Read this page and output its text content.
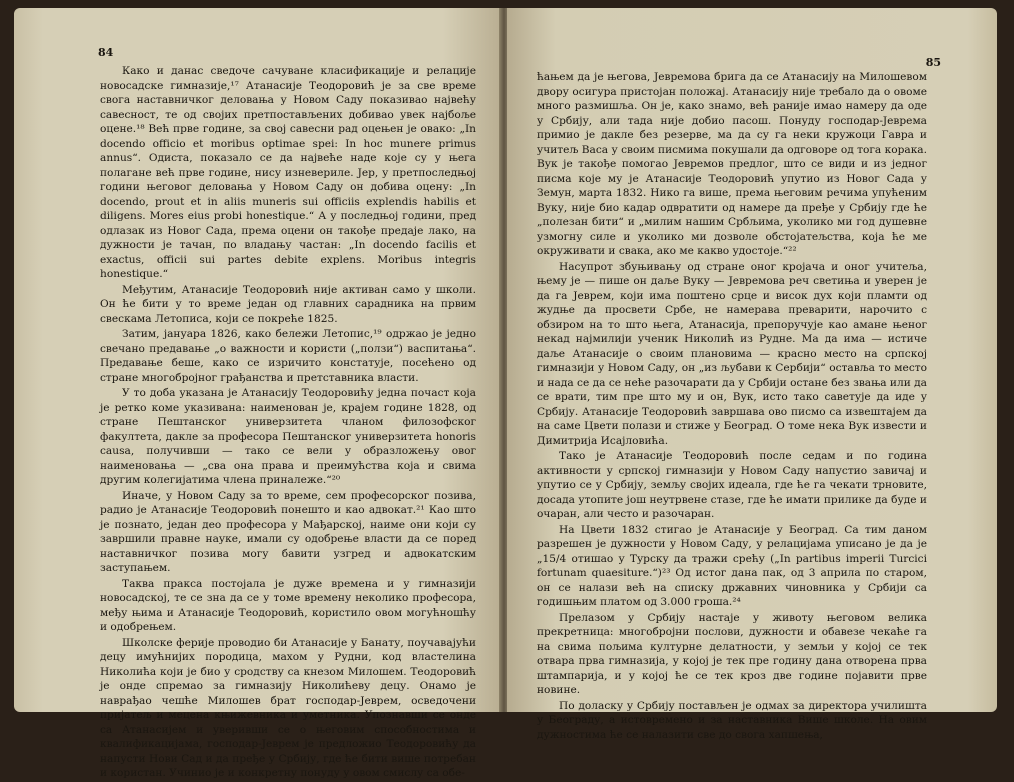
84

Како и данас сведоче сачуване класификације и релације новосадске гимназије,¹⁷ Атанасије Теодоровић је за све време свога наставничког деловања у Новом Саду показивао највећу савесност, те од својих претпостављених добивао увек најбоље оцене.¹⁸ Већ прве године, за свој савесни рад оцењен је овако: „In docendo officio et moribus optimae spei: In hoc munere primus annus“. Одиста, показало се да највеће наде које су у њега полагане већ прве године, нису изневериле. Јер, у претпоследњој години његовог деловања у Новом Саду он добива оцену: „In docendo, prout et in aliis muneris sui officiis explendis habilis et diligens. Mores eius probi honestique.“ А у последњој години, пред одлазак из Новог Сада, према оцени он такође предаје лако, на дужности је тачан, по владању частан: „In docendo facilis et exactus, officii sui partes debite explens. Moribus integris honestique.“

Међутим, Атанасије Теодоровић није активан само у школи. Он ће бити у то време један од главних сарадника на првим свескама Летописа, који се покреће 1825.

Затим, јануара 1826, како бележи Летопис,¹⁹ одржао је једно свечано предавање „о важности и користи („ползи“) васпитања“. Предавање беше, како се изричито констатује, посећено од стране многобројног грађанства и претставника власти.

У то доба указана је Атанасију Теодоровићу једна почаст која је ретко коме указивана: наименован је, крајем године 1828, од стране Пештанског универзитета чланом филозофског факултета, дакле за професора Пештанског универзитета honoris causa, получивши — тако се вели у образложењу овог наименовања — „сва она права и преимућства која и свима другим колегијатима члена приналежe.“²⁰

Иначе, у Новом Саду за то време, сем професорског позива, радио је Атанасије Теодоровић понешто и као адвокат.²¹ Као што је познато, један део професора у Мађарској, наиме они који су завршили правне науке, имали су одобрење власти да се поред наставничког позива могу бавити узгред и адвокатским заступањем.

Таква пракса постојала је дуже времена и у гимназији новосадској, те се зна да се у томе времену неколико професора, међу њима и Атанасије Теодоровић, користило овом могућношћу и одобрењем.

Школске ферије проводио би Атанасије у Банату, поучавајући децу имућнијих породица, махом у Рудни, код властелина Николића који је био у сродству са кнезом Милошем. Теодоровић је онде спремао за гимназију Николићеву децу. Онамо је наврађао чешће Милошев брат господар-Јеврем, осведочени пријатељ и мецена књижевника и уметника. Упознавши се онде са Атанасијем и уверивши се о његовим способностима и квалификацијама, господар-Јеврем је предложио Теодоровићу да напусти Нови Сад и да пређе у Србију, где ће бити више потребан и користан. Учинио је и конкретну понуду у овом смислу са обе-

85

ћањем да је његова, Јевремова брига да се Атанасију на Милошевом двору осигура пристојан положај. Атанасију није требало да о овоме много размишља. Он је, како знамо, већ раније имао намеру да оде у Србију, али тада није добио пасош. Понуду господар-Јеврема примио је дакле без резерве, ма да су га неки кружоци Гавра и учитељ Васа у своим писмима покушали да одговоре од тога корака. Вук је такође помогао Јевремов предлог, што се види и из једног писма које му је Атанасије Теодоровић упутио из Новог Сада у Земун, марта 1832. Нико га више, према његовим речима упућеним Вуку, није био кадар одвратити од намере да пређе у Србију где ће „полезан бити“ и „милим нашим Србљима, уколико ми год душевне узмогну силе и уколико ми дозволе обстојатељства, која ће ме окруживати и свака, ако ме какво удостоје.“²²

Насупрот збуњивању од стране оног кројача и оног учитеља, њему је — пише он даље Вуку — Јевремова реч светиња и уверен је да га Јеврем, који има поштено срце и висок дух који пламти од жудње да просвети Србе, не намерава преварити, нарочито с обзиром на то што њега, Атанасија, препоручује као амане њеног некад најмилији ученик Николић из Рудне. Ма да има — истиче даље Атанасије о своим плановима — красно место на српској гимназији у Новом Саду, он „из љубави к Сербији“ оставља то место и нада се да се неће разочарати да у Србији остане без звања или да се врати, тим пре што му и он, Вук, исто тако саветује да иде у Србију. Атанасије Теодоровић завршава ово писмо са извештајем да на саме Цвети полази и стиже у Београд. О томе нека Вук извести и Димитрија Исајловића.

Тако је Атанасије Теодоровић после седам и по година активности у српској гимназији у Новом Саду напустио завичај и упутио се у Србију, земљу својих идеала, где ће га чекати трновите, досада утопите још неутрвене стазе, где ће имати прилике да буде и очаран, али често и разочаран.

На Цвети 1832 стигао је Атанасије у Београд. Са тим даном разрешен је дужности у Новом Саду, у релацијама уписано је да је „15/4 отишао у Турску да тражи срећу („In partibus imperii Turcici fortunam quaesiture.“)²³ Од истог дана пак, од 3 априла по старом, он се налази већ на списку државних чиновника у Србији са годишњим платом од 3.000 гроша.²⁴

Прелазом у Србију настаје у животу његовом велика прекретница: многобројни послови, дужности и обавезе чекаће га на свима пољима културне делатности, у земљи у којој се тек отвара прва гимназија, у којој је тек пре годину дана отворена прва штампарија, и у којој ће се тек кроз две године појавити прве новине.

По доласку у Србију постављен је одмах за директора училишта у Београду, а истовремено и за наставника Више школе. На овим дужностима ће се налазити све до свога хапшења,
